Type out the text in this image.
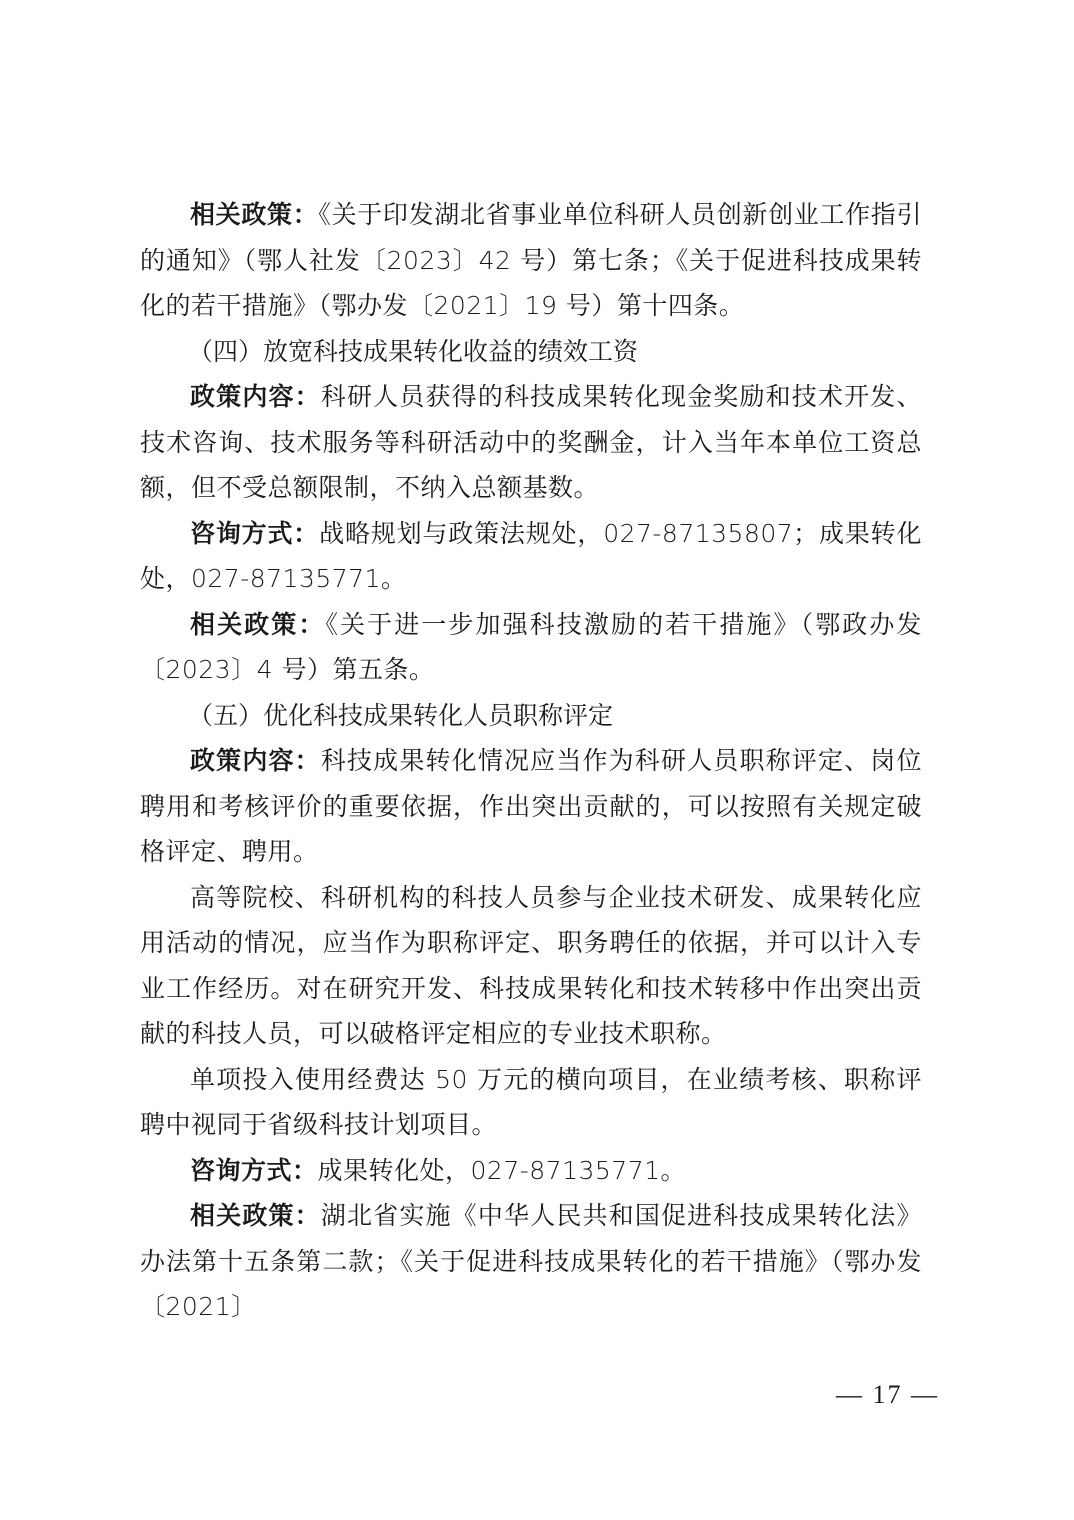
相关政策：《关于印发湖北省事业单位科研人员创新创业工作指引的通知》（鄂人社发〔2023〕42 号）第七条；《关于促进科技成果转化的若干措施》（鄂办发〔2021〕19 号）第十四条。

（四）放宽科技成果转化收益的绩效工资

政策内容：科研人员获得的科技成果转化现金奖励和技术开发、技术咨询、技术服务等科研活动中的奖酬金，计入当年本单位工资总额，但不受总额限制，不纳入总额基数。

咨询方式：战略规划与政策法规处，027-87135807；成果转化处，027-87135771。

相关政策：《关于进一步加强科技激励的若干措施》（鄂政办发〔2023〕4 号）第五条。

（五）优化科技成果转化人员职称评定

政策内容：科技成果转化情况应当作为科研人员职称评定、岗位聘用和考核评价的重要依据，作出突出贡献的，可以按照有关规定破格评定、聘用。

高等院校、科研机构的科技人员参与企业技术研发、成果转化应用活动的情况，应当作为职称评定、职务聘任的依据，并可以计入专业工作经历。对在研究开发、科技成果转化和技术转移中作出突出贡献的科技人员，可以破格评定相应的专业技术职称。

单项投入使用经费达 50 万元的横向项目，在业绩考核、职称评聘中视同于省级科技计划项目。

咨询方式：成果转化处，027-87135771。

相关政策：湖北省实施《中华人民共和国促进科技成果转化法》办法第十五条第二款；《关于促进科技成果转化的若干措施》（鄂办发〔2021〕

— 17 —
